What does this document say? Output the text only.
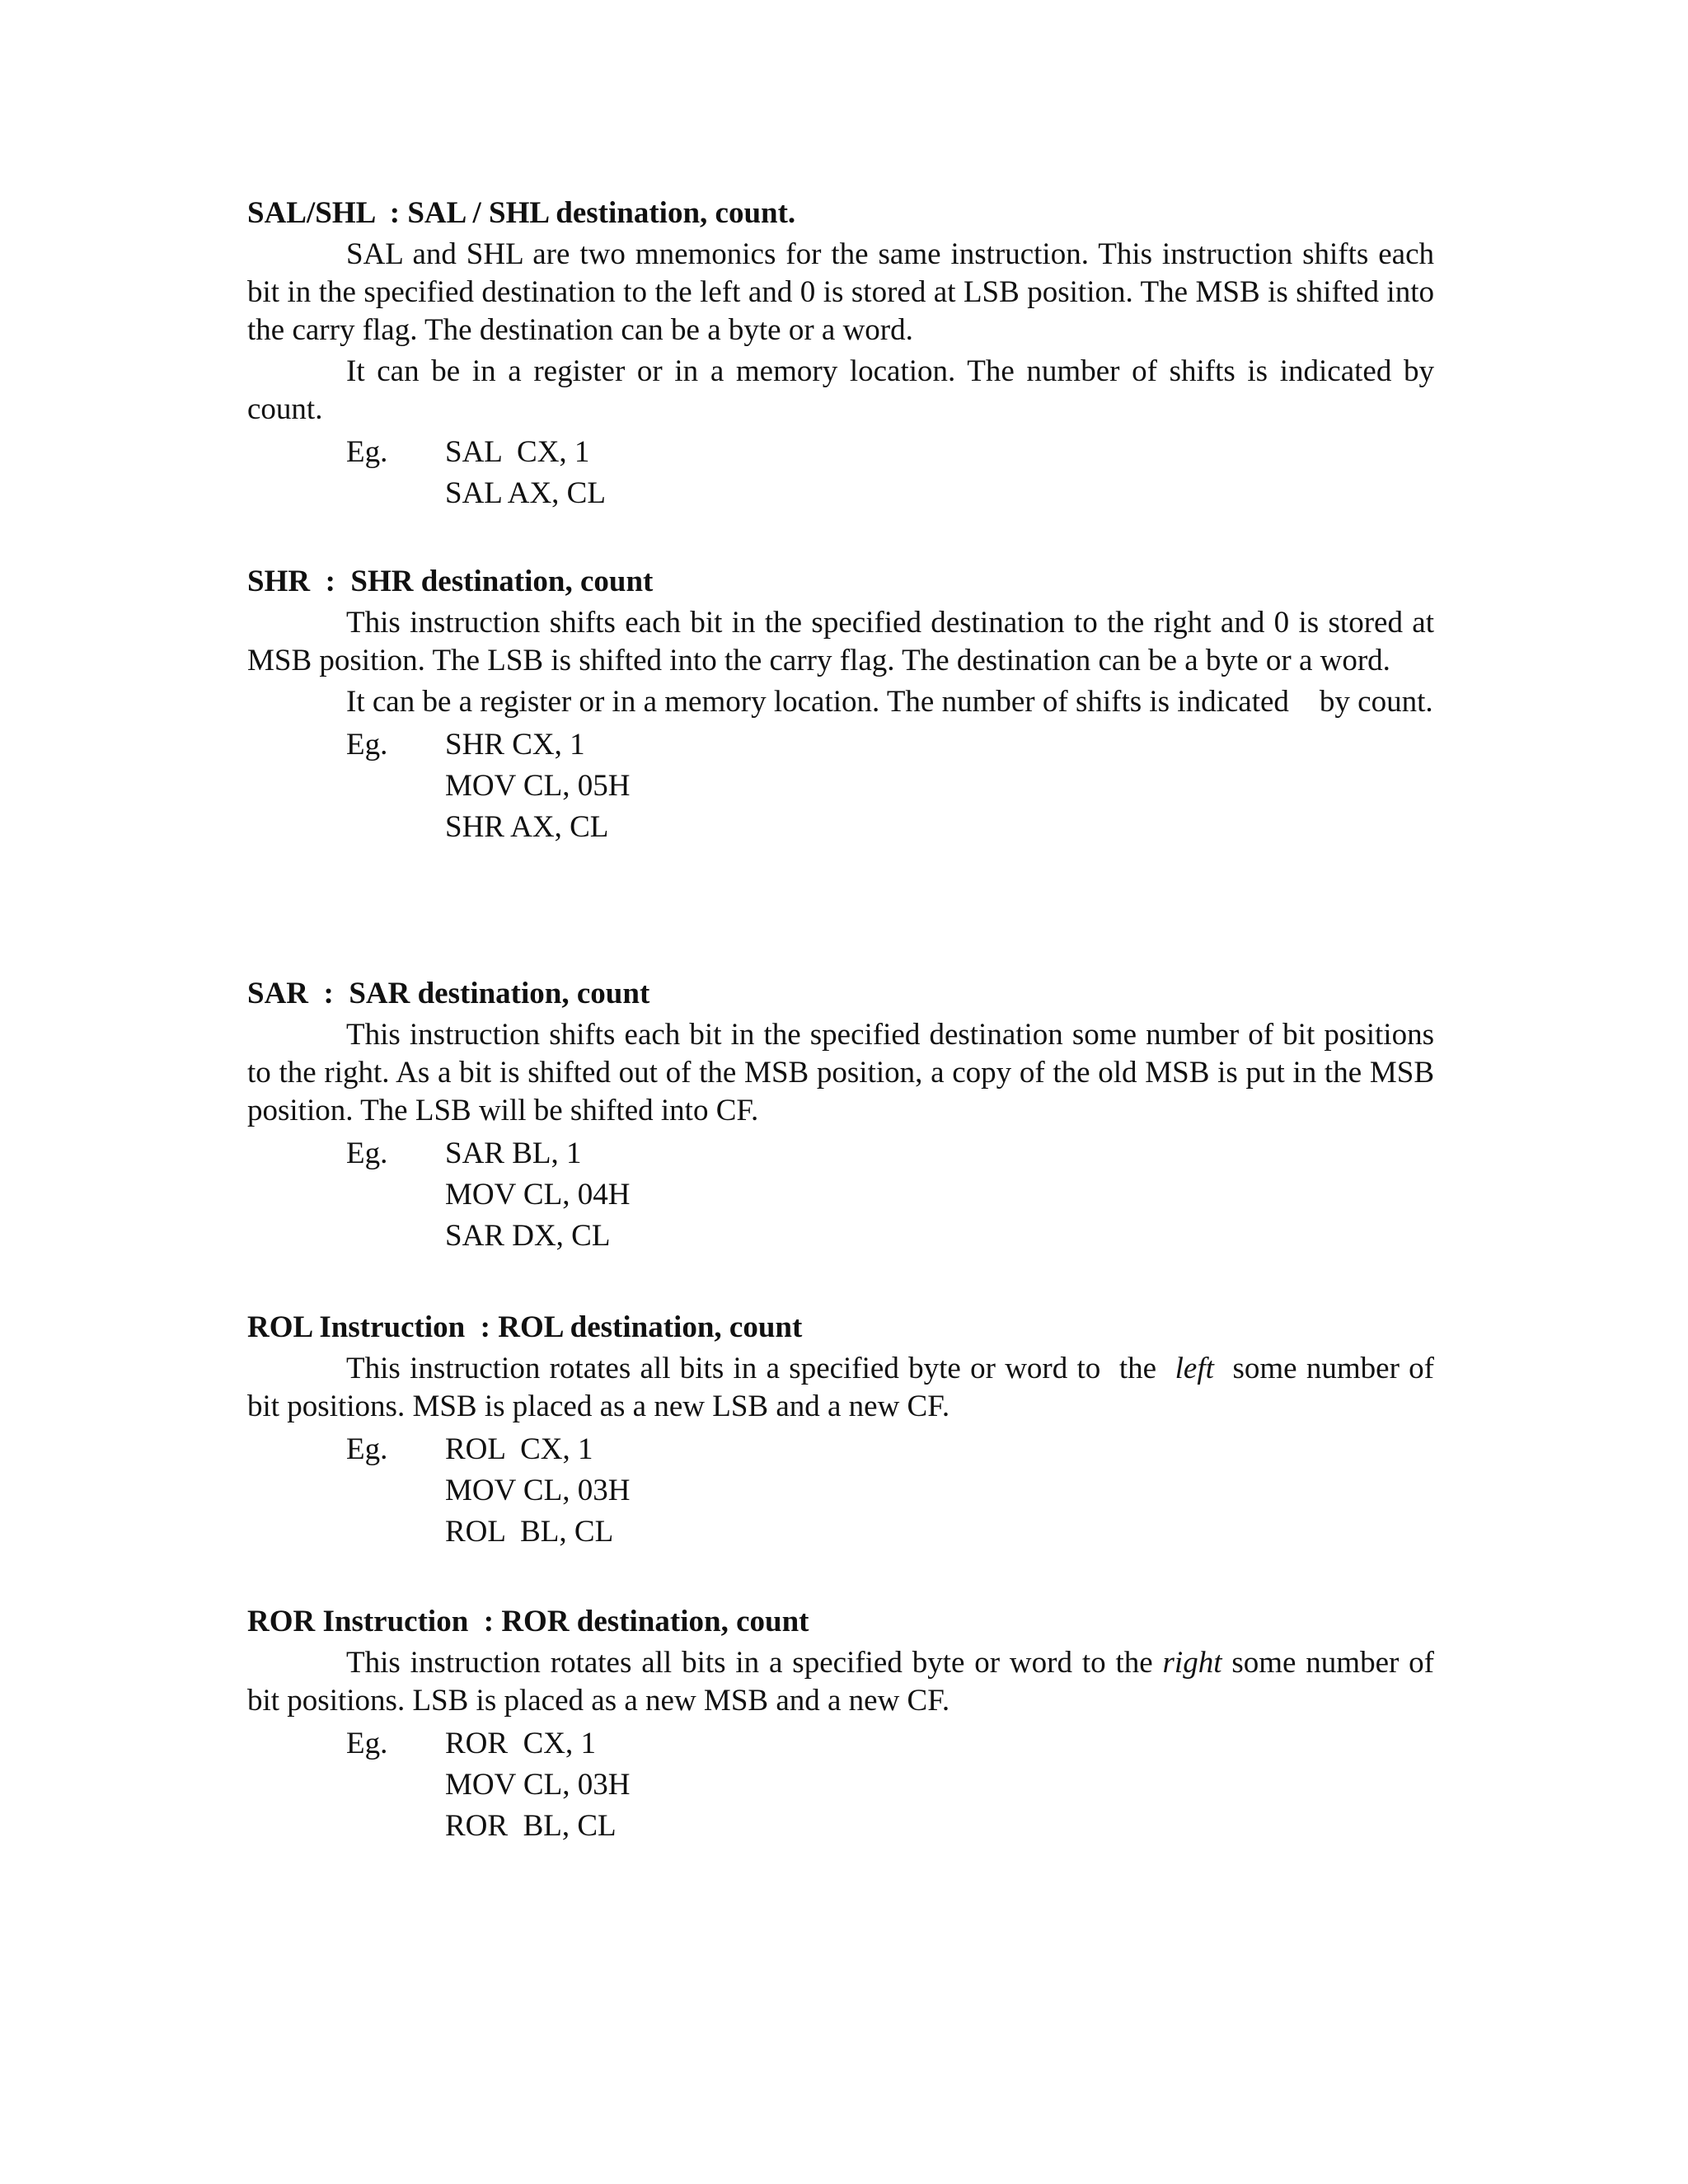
SAL/SHL  : SAL / SHL destination, count.

SAL and SHL are two mnemonics for the same instruction. This instruction shifts each bit in the specified destination to the left and 0 is stored at LSB position. The MSB is shifted into the carry flag. The destination can be a byte or a word.

It can be in a register or in a memory location. The number of shifts is indicated by count.

Eg. SAL  CX, 1
SAL AX, CL
SHR  :  SHR destination, count

This instruction shifts each bit in the specified destination to the right and 0 is stored at MSB position. The LSB is shifted into the carry flag. The destination can be a byte or a word.

It can be a register or in a memory location. The number of shifts is indicated    by count.

Eg. SHR CX, 1
MOV CL, 05H
SHR AX, CL
SAR  :  SAR destination, count

This instruction shifts each bit in the specified destination some number of bit positions to the right. As a bit is shifted out of the MSB position, a copy of the old MSB is put in the MSB position. The LSB will be shifted into CF.

Eg. SAR BL, 1
MOV CL, 04H
SAR DX, CL
ROL Instruction  : ROL destination, count

This instruction rotates all bits in a specified byte or word to  the  left  some number of bit positions. MSB is placed as a new LSB and a new CF.

Eg. ROL  CX, 1
MOV CL, 03H
ROL  BL, CL
ROR Instruction  : ROR destination, count

This instruction rotates all bits in a specified byte or word to the right some number of bit positions. LSB is placed as a new MSB and a new CF.

Eg. ROR  CX, 1
MOV CL, 03H
ROR  BL, CL
